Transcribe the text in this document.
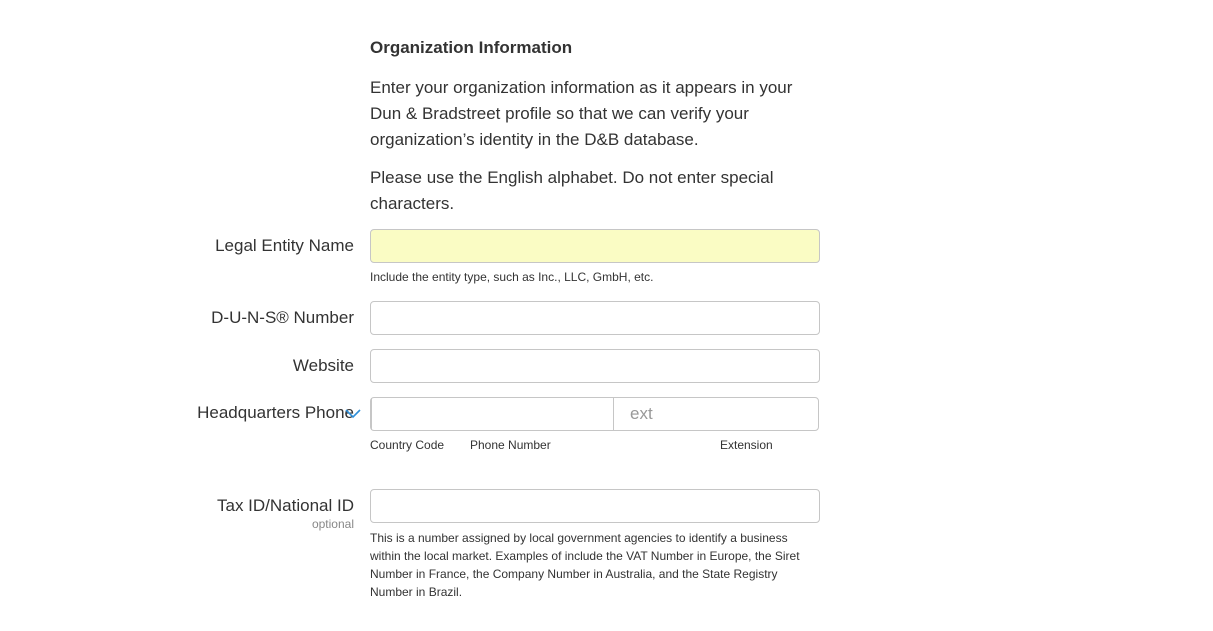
Organization Information
Enter your organization information as it appears in your Dun & Bradstreet profile so that we can verify your organization’s identity in the D&B database.
Please use the English alphabet. Do not enter special characters.
Legal Entity Name
Include the entity type, such as Inc., LLC, GmbH, etc.
D-U-N-S® Number
Website
Headquarters Phone
ext
Country Code Phone Number	Extension
Tax ID/National ID
optional
This is a number assigned by local government agencies to identify a business within the local market. Examples of include the VAT Number in Europe, the Siret Number in France, the Company Number in Australia, and the State Registry Number in Brazil.
